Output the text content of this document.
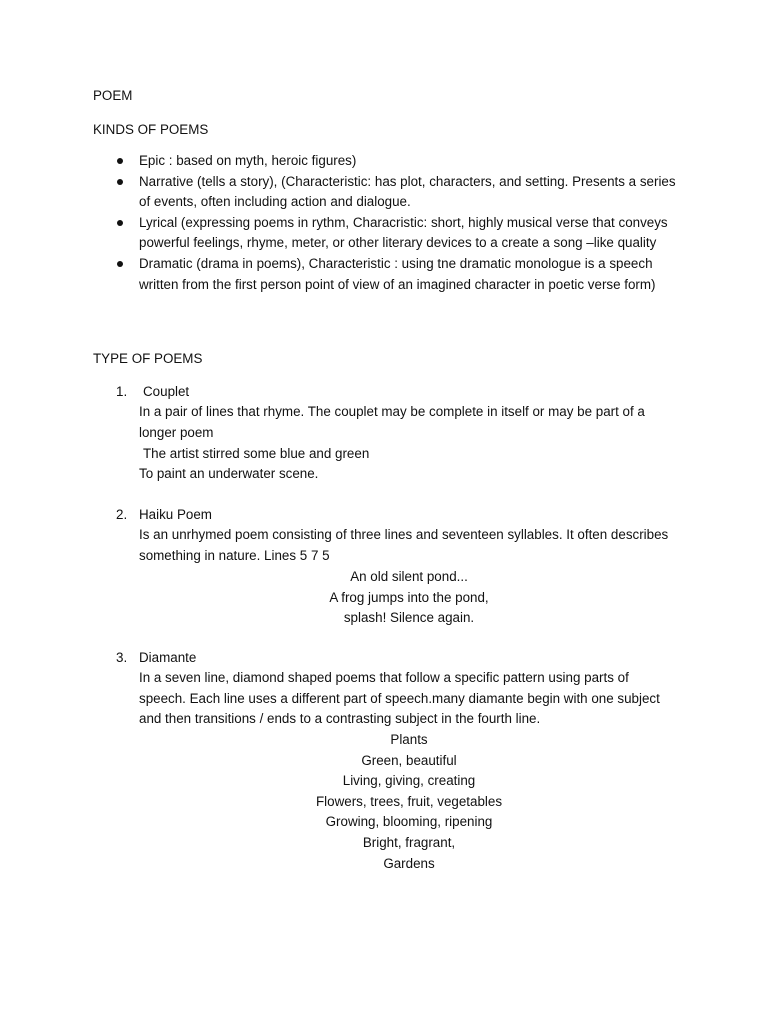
POEM

KINDS OF POEMS

Epic : based on myth, heroic figures)
Narrative (tells a story), (Characteristic: has plot, characters, and setting. Presents a series of events, often including action and dialogue.
Lyrical (expressing poems in rythm, Characristic: short, highly musical verse that conveys powerful feelings, rhyme, meter, or other literary devices to a create a song –like quality
Dramatic (drama in poems), Characteristic : using tne dramatic monologue is a speech written from the first person point of view of an imagined character in poetic verse form)

TYPE OF POEMS

1. Couplet

In a pair of lines that rhyme. The couplet may be complete in itself or may be part of a longer poem

The artist stirred some blue and green
To paint an underwater scene.
2. Haiku Poem

Is an unrhymed poem consisting of three lines and seventeen syllables. It often describes something in nature. Lines 5 7 5

An old silent pond...
A frog jumps into the pond,
splash! Silence again.
3. Diamante

In a seven line, diamond shaped poems that follow a specific pattern using parts of speech. Each line uses a different part of speech.many diamante begin with one subject and then transitions / ends to a contrasting subject in the fourth line.

Plants
Green, beautiful
Living, giving, creating
Flowers, trees, fruit, vegetables
Growing, blooming, ripening
Bright, fragrant,
Gardens
